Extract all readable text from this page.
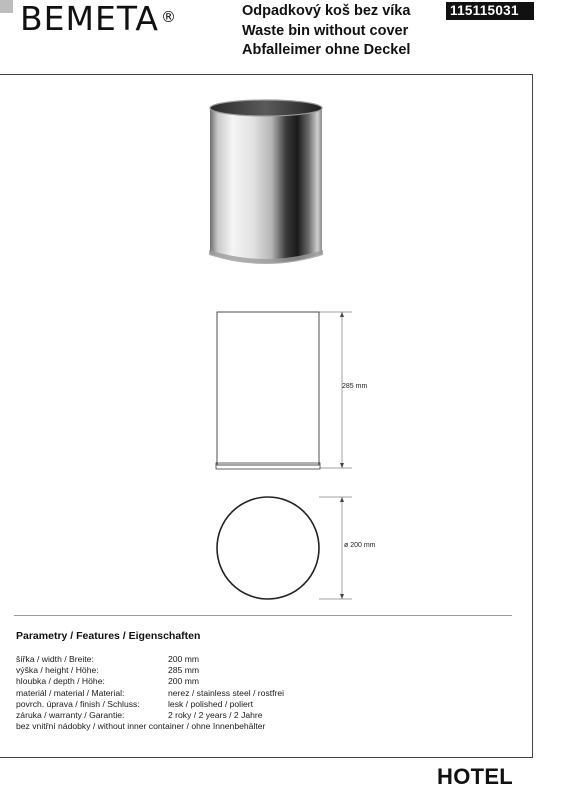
BEMETA ®	Odpadkový koš bez víka
Waste bin without cover
Abfalleimer ohne Deckel
115115031
285 mm
ø 200 mm
Parametry / Features / Eigenschaften
šířka / width / Breite:	200 mm
výška / height / Höhe:	285 mm
hloubka / depth / Höhe:	200 mm
materiál / material / Material:	nerez / stainless steel / rostfrei
povrch. úprava / finish / Schluss:	lesk / polished / poliert
záruka / warranty / Garantie:	2 roky / 2 years / 2 Jahre
bez vnitřní nádobky / without inner container / ohne Innenbehälter
HOTEL
